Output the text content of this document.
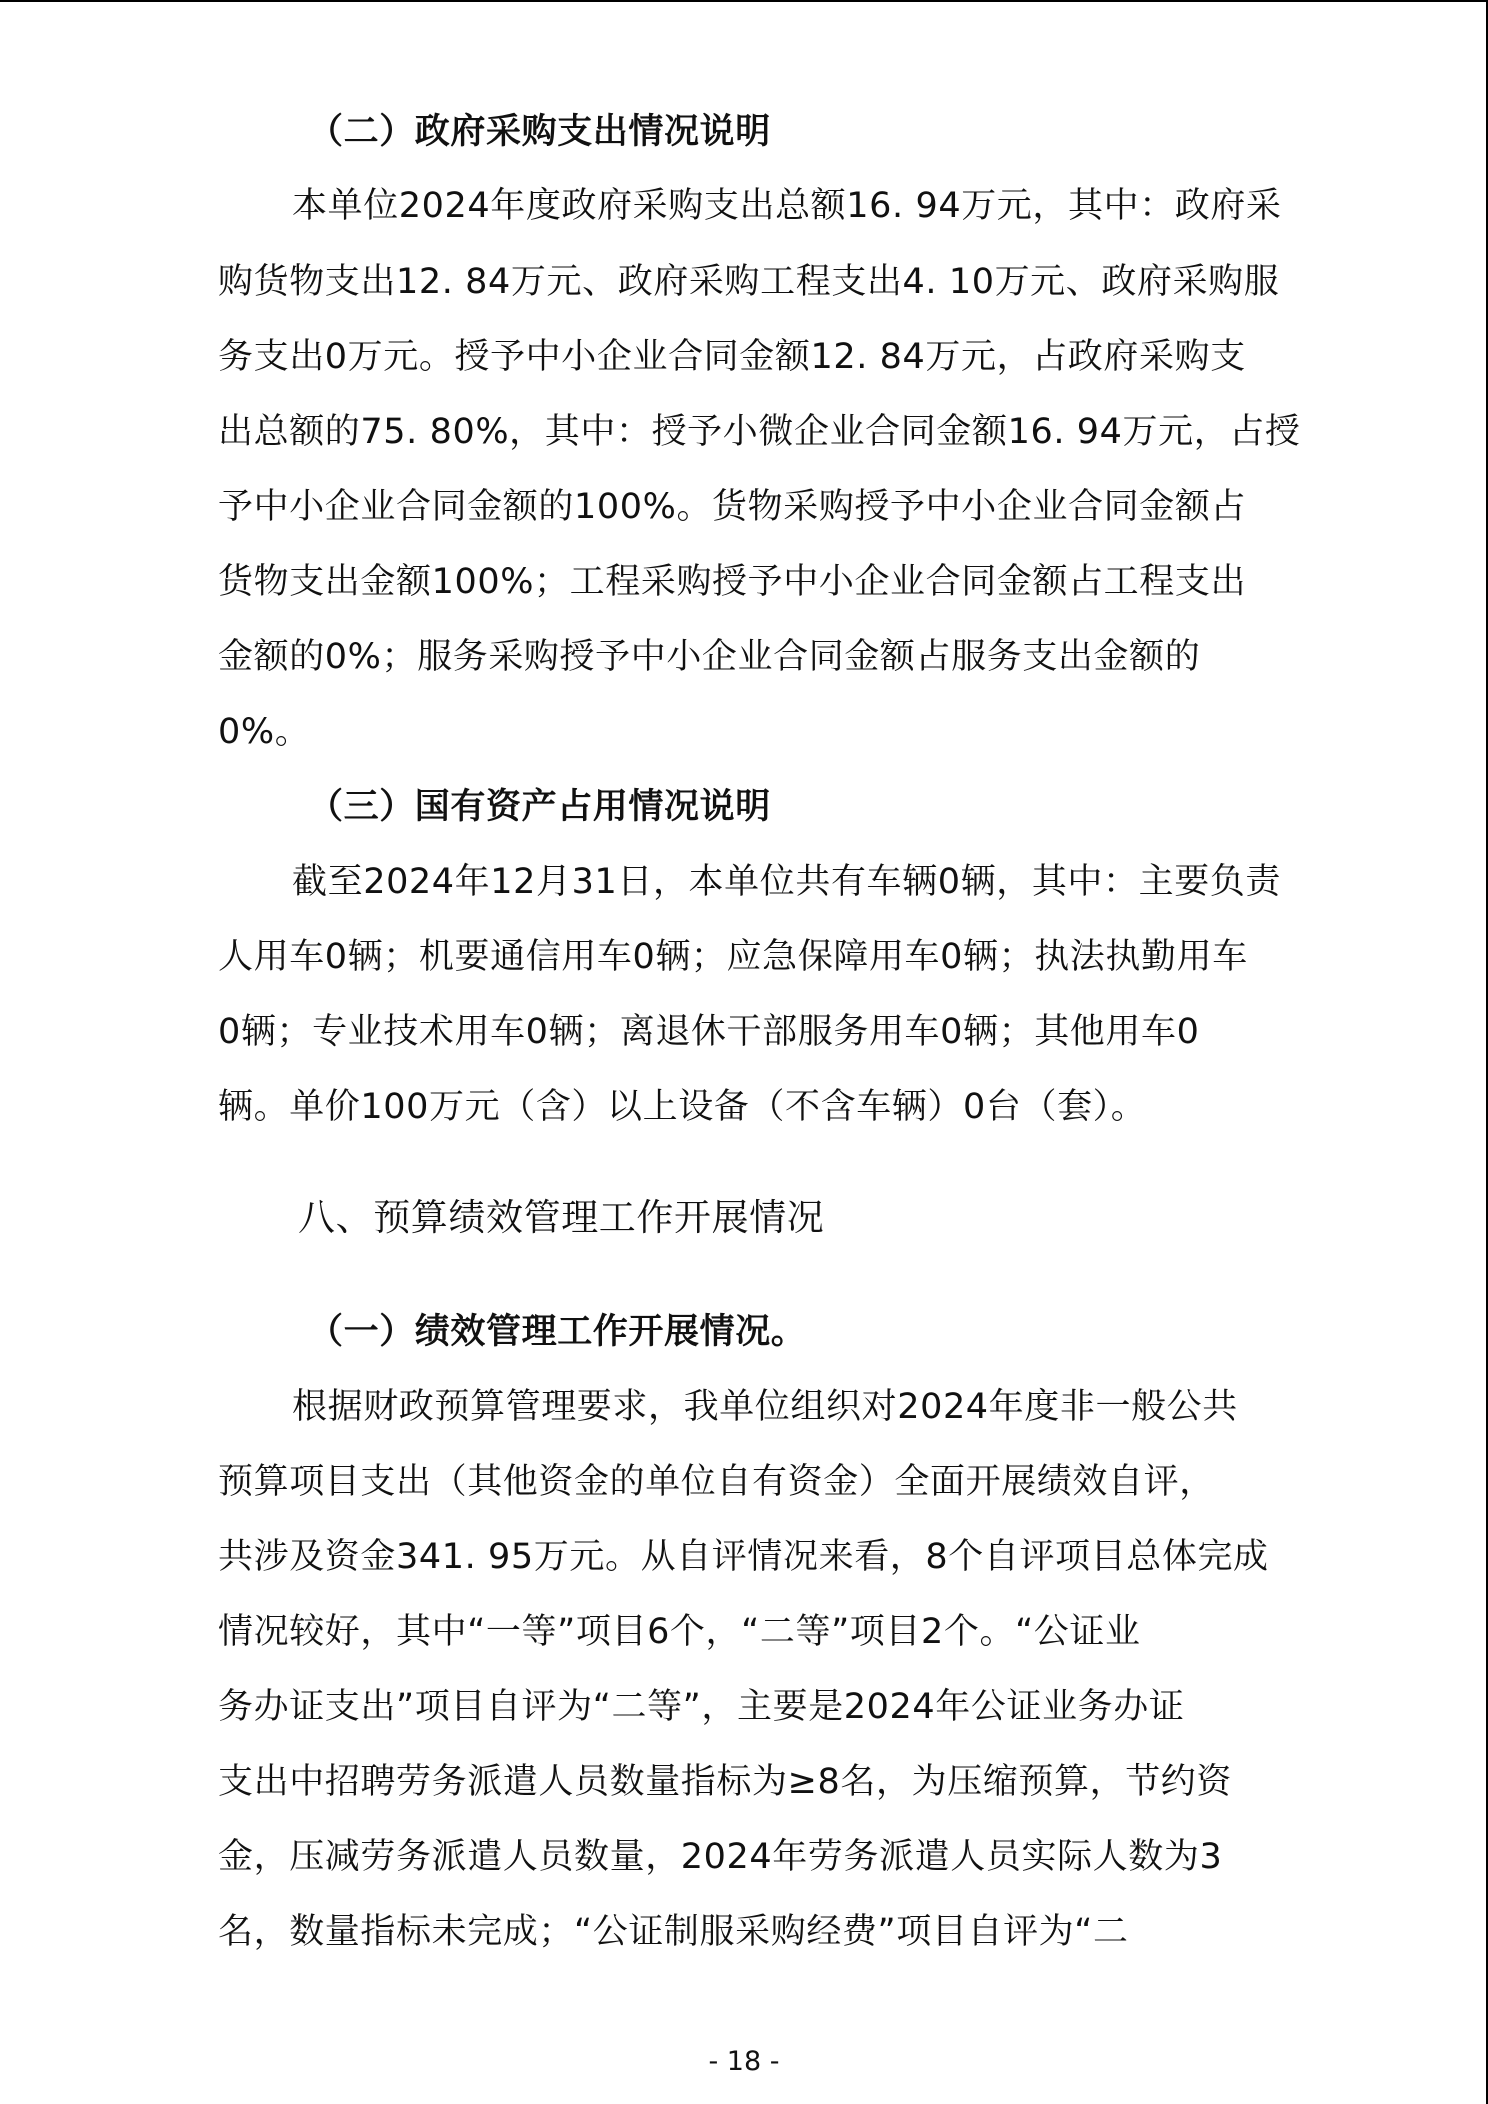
（二）政府采购支出情况说明
本单位2024年度政府采购支出总额16. 94万元，其中：政府采
购货物支出12. 84万元、政府采购工程支出4. 10万元、政府采购服
务支出0万元。授予中小企业合同金额12. 84万元，占政府采购支
出总额的75. 80%，其中：授予小微企业合同金额16. 94万元，占授
予中小企业合同金额的100%。货物采购授予中小企业合同金额占
货物支出金额100%；工程采购授予中小企业合同金额占工程支出
金额的0%；服务采购授予中小企业合同金额占服务支出金额的
0%。
（三）国有资产占用情况说明
截至2024年12月31日，本单位共有车辆0辆，其中：主要负责
人用车0辆；机要通信用车0辆；应急保障用车0辆；执法执勤用车
0辆；专业技术用车0辆；离退休干部服务用车0辆；其他用车0
辆。单价100万元（含）以上设备（不含车辆）0台（套）。
八、预算绩效管理工作开展情况
（一）绩效管理工作开展情况。
根据财政预算管理要求，我单位组织对2024年度非一般公共
预算项目支出（其他资金的单位自有资金）全面开展绩效自评，
共涉及资金341. 95万元。从自评情况来看，8个自评项目总体完成
情况较好，其中“一等”项目6个，“二等”项目2个。“公证业
务办证支出”项目自评为“二等”，主要是2024年公证业务办证
支出中招聘劳务派遣人员数量指标为≥8名，为压缩预算，节约资
金，压减劳务派遣人员数量，2024年劳务派遣人员实际人数为3
名，数量指标未完成；“公证制服采购经费”项目自评为“二
- 18 -
